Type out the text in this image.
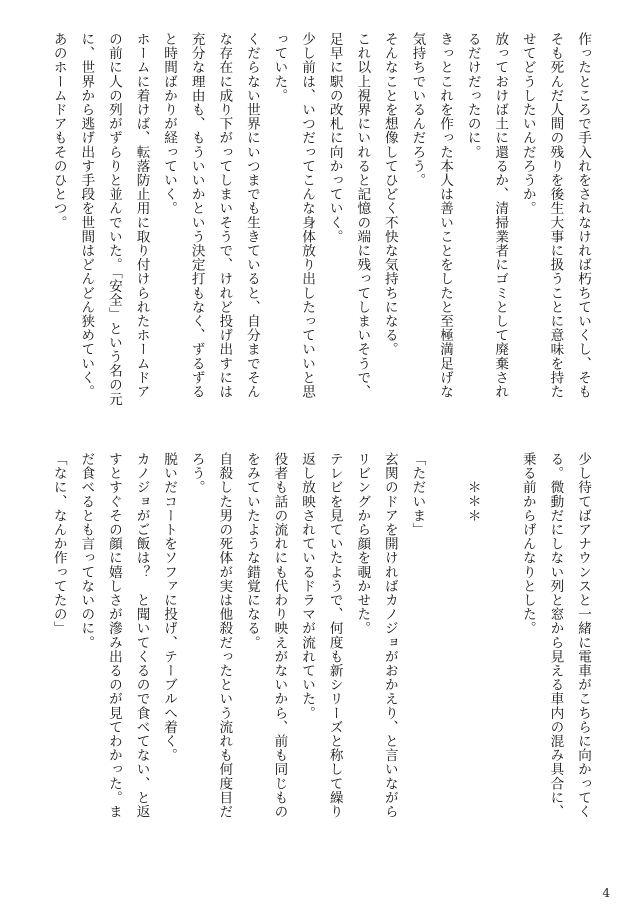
作ったところで手入れをされなければ朽ちていくし、そも

そも死んだ人間の残りを後生大事に扱うことに意味を持た

せてどうしたいんだろうか。

放っておけば土に還るか、清掃業者にゴミとして廃棄され

るだけだったのに。

きっとこれを作った本人は善いことをしたと至極満足げな

気持ちでいるんだろう。

そんなことを想像してひどく不快な気持ちになる。

これ以上視界にいれると記憶の端に残ってしまいそうで、

足早に駅の改札に向かっていく。

少し前は、いつだってこんな身体放り出したっていいと思

っていた。

くだらない世界にいつまでも生きていると、自分までそん

な存在に成り下がってしまいそうで、けれど投げ出すには

充分な理由も、もういいかという決定打もなく、ずるずる

と時間ばかりが経っていく。

ホームに着けば、転落防止用に取り付けられたホームドア

の前に人の列がずらりと並んでいた。「安全」という名の元

に、世界から逃げ出す手段を世間はどんどん狭めていく。

あのホームドアもそのひとつ。

少し待てばアナウンスと一緒に電車がこちらに向かってく

る。微動だにしない列と窓から見える車内の混み具合に、

乗る前からげんなりとした。

　　＊＊＊

「ただいま」

玄関のドアを開ければカノジョがおかえり、と言いながら

リビングから顔を覗かせた。

テレビを見ていたようで、何度も新シリーズと称して繰り

返し放映されているドラマが流れていた。

役者も話の流れにも代わり映えがないから、前も同じもの

をみていたような錯覚になる。

自殺した男の死体が実は他殺だったという流れも何度目だ

ろう。

脱いだコートをソファに投げ、テーブルへ着く。

カノジョがご飯は？　と聞いてくるので食べてない、と返

すとすぐその顔に嬉しさが滲み出るのが見てわかった。ま

だ食べるとも言ってないのに。

「なに、なんか作ってたの」

4
